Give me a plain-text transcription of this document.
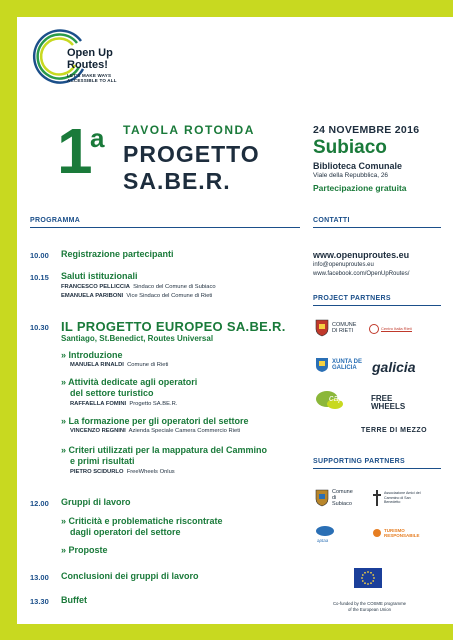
Open Up Routes!
LET'S MAKE WAYS ACCESSIBLE TO ALL
1
a TAVOLA ROTONDA
PROGETTO
SA.BE.R.
24 NOVEMBRE 2016
Subiaco
Biblioteca Comunale
Viale della Repubblica, 26
Partecipazione gratuita
PROGRAMMA	CONTATTI
10.00 Registrazione partecipanti
10.15 Saluti istituzionali
FRANCESCO PELLICCIA Sindaco del Comune di Subiaco
EMANUELA PARIBONI Vice Sindaco del Comune di Rieti
10.30 IL PROGETTO EUROPEO SA.BE.R.
Santiago, St.Benedict, Routes Universal
» Introduzione
MANUELA RINALDI Comune di Rieti
» Attività dedicate agli operatori
del settore turistico
RAFFAELLA FOMINI Progetto SA.BE.R.
» La formazione per gli operatori del settore
VINCENZO REGNINI Azienda Speciale Camera Commercio Rieti
» Criteri utilizzati per la mappatura del Cammino
e primi risultati
PIETRO SCIDURLO FreeWheels Onlus
12.00 Gruppi di lavoro
» Criticità e problematiche riscontrate
dagli operatori del settore
» Proposte
13.00 Conclusioni dei gruppi di lavoro
13.30 Buffet
www.openuproutes.eu
info@openuproutes.eu
www.facebook.com/OpenUpRoutes/
PROJECT PARTNERS
COMUNE DI RIETI	Centro Italia Rieti
XUNTA DE GALICIA	galicia
cape	FREE WHEELS
TERRE DI MEZZO
SUPPORTING PARTNERS
Comune di Subiaco
Associazione Amici del Cammino di San Benedetto
aptaa
TURISMO RESPONSABILE
Co-funded by the COSME programme
of the European Union
